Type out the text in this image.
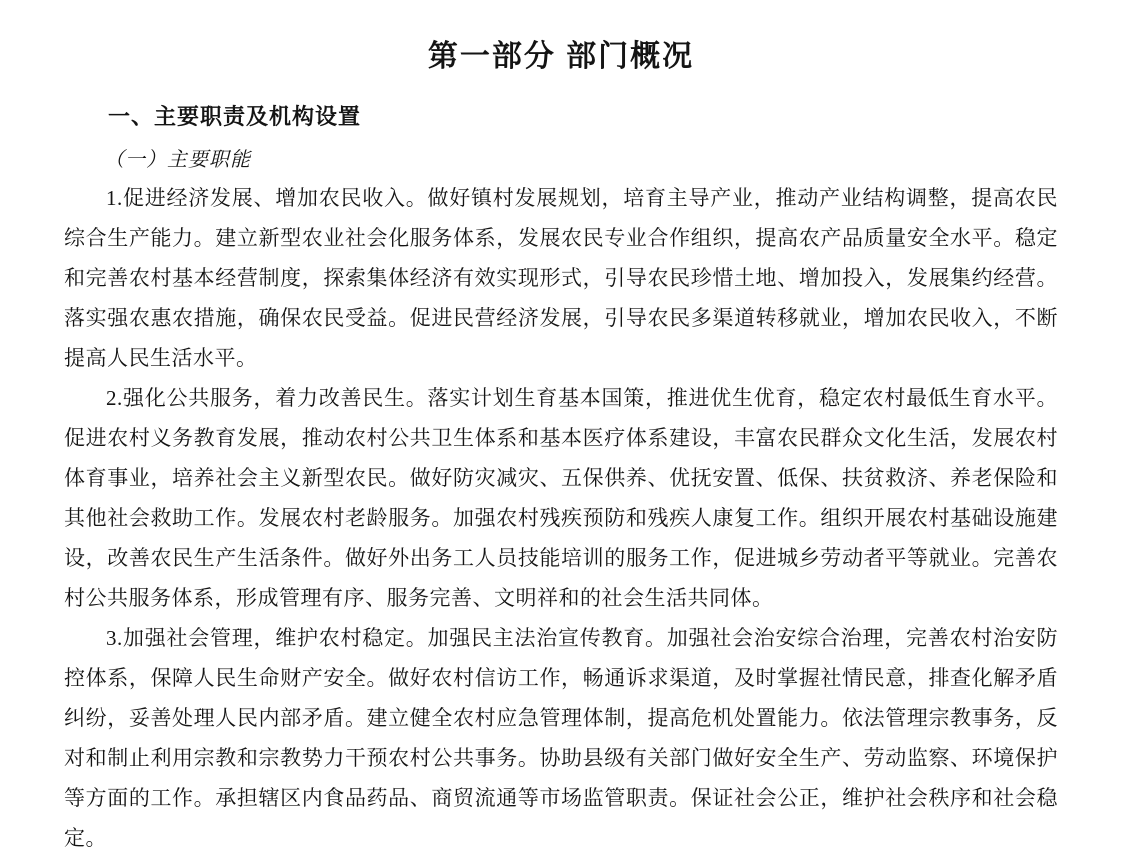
第一部分 部门概况
一、主要职责及机构设置
（一）主要职能

1.促进经济发展、增加农民收入。做好镇村发展规划，培育主导产业，推动产业结构调整，提高农民综合生产能力。建立新型农业社会化服务体系，发展农民专业合作组织，提高农产品质量安全水平。稳定和完善农村基本经营制度，探索集体经济有效实现形式，引导农民珍惜土地、增加投入，发展集约经营。落实强农惠农措施，确保农民受益。促进民营经济发展，引导农民多渠道转移就业，增加农民收入，不断提高人民生活水平。

2.强化公共服务，着力改善民生。落实计划生育基本国策，推进优生优育，稳定农村最低生育水平。促进农村义务教育发展，推动农村公共卫生体系和基本医疗体系建设，丰富农民群众文化生活，发展农村体育事业，培养社会主义新型农民。做好防灾减灾、五保供养、优抚安置、低保、扶贫救济、养老保险和其他社会救助工作。发展农村老龄服务。加强农村残疾预防和残疾人康复工作。组织开展农村基础设施建设，改善农民生产生活条件。做好外出务工人员技能培训的服务工作，促进城乡劳动者平等就业。完善农村公共服务体系，形成管理有序、服务完善、文明祥和的社会生活共同体。

3.加强社会管理，维护农村稳定。加强民主法治宣传教育。加强社会治安综合治理，完善农村治安防控体系，保障人民生命财产安全。做好农村信访工作，畅通诉求渠道，及时掌握社情民意，排查化解矛盾纠纷，妥善处理人民内部矛盾。建立健全农村应急管理体制，提高危机处置能力。依法管理宗教事务，反对和制止利用宗教和宗教势力干预农村公共事务。协助县级有关部门做好安全生产、劳动监察、环境保护等方面的工作。承担辖区内食品药品、商贸流通等市场监管职责。保证社会公正，维护社会秩序和社会稳定。
